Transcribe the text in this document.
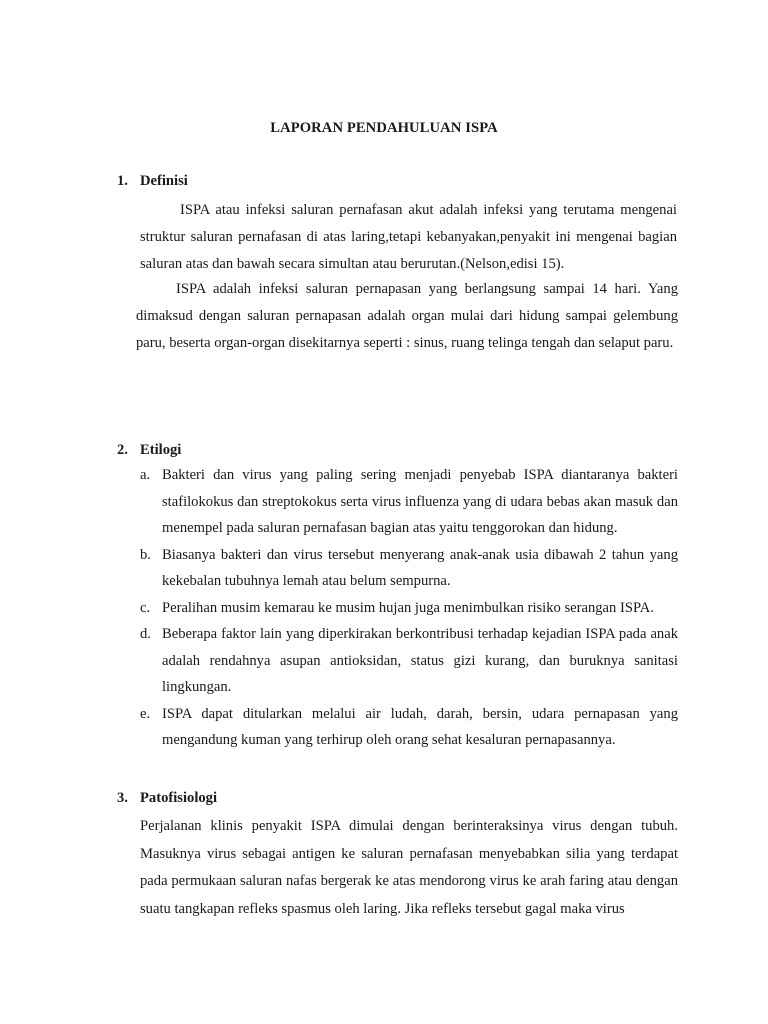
LAPORAN PENDAHULUAN ISPA

1. Definisi

ISPA atau infeksi saluran pernafasan akut adalah infeksi yang terutama mengenai struktur saluran pernafasan di atas laring,tetapi kebanyakan,penyakit ini mengenai bagian saluran atas dan bawah secara simultan atau berurutan.(Nelson,edisi 15).

ISPA adalah infeksi saluran pernapasan yang berlangsung sampai 14 hari. Yang dimaksud dengan saluran pernapasan adalah organ mulai dari hidung sampai gelembung paru, beserta organ-organ disekitarnya seperti : sinus, ruang telinga tengah dan selaput paru.

2. Etilogi

a. Bakteri dan virus yang paling sering menjadi penyebab ISPA diantaranya bakteri stafilokokus dan streptokokus serta virus influenza yang di udara bebas akan masuk dan menempel pada saluran pernafasan bagian atas yaitu tenggorokan dan hidung.
b. Biasanya bakteri dan virus tersebut menyerang anak-anak usia dibawah 2 tahun yang kekebalan tubuhnya lemah atau belum sempurna.
c. Peralihan musim kemarau ke musim hujan juga menimbulkan risiko serangan ISPA.
d. Beberapa faktor lain yang diperkirakan berkontribusi terhadap kejadian ISPA pada anak adalah rendahnya asupan antioksidan, status gizi kurang, dan buruknya sanitasi lingkungan.
e. ISPA dapat ditularkan melalui air ludah, darah, bersin, udara pernapasan yang mengandung kuman yang terhirup oleh orang sehat kesaluran pernapasannya.

3. Patofisiologi

Perjalanan klinis penyakit ISPA dimulai dengan berinteraksinya virus dengan tubuh. Masuknya virus sebagai antigen ke saluran pernafasan menyebabkan silia yang terdapat pada permukaan saluran nafas bergerak ke atas mendorong virus ke arah faring atau dengan suatu tangkapan refleks spasmus oleh laring. Jika refleks tersebut gagal maka virus
